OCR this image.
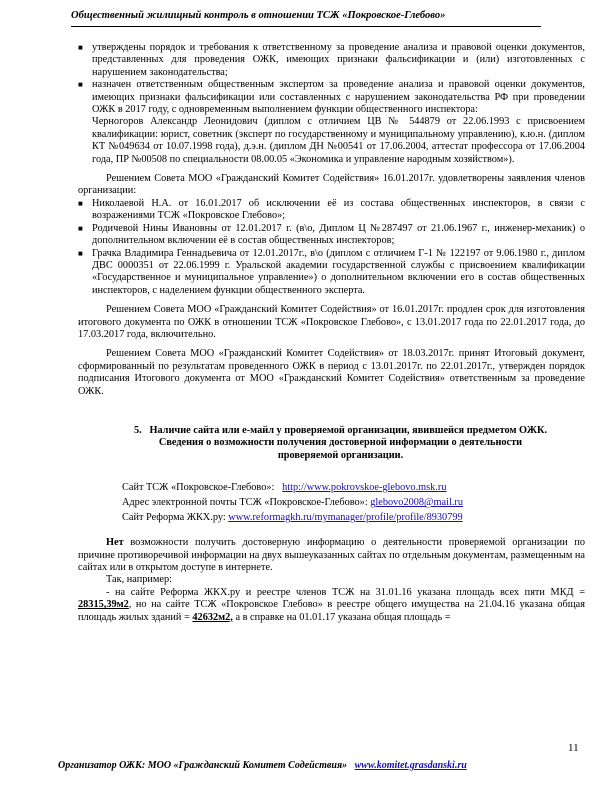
Общественный жилищный контроль в отношении ТСЖ «Покровское-Глебово»
■ утверждены порядок и требования к ответственному за проведение анализа и правовой оценки документов, представленных для проведения ОЖК, имеющих признаки фальсификации и (или) изготовленных с нарушением законодательства;
■ назначен ответственным общественным экспертом за проведение анализа и правовой оценки документов, имеющих признаки фальсификации или составленных с нарушением законодательства РФ при проведении ОЖК в 2017 году, с одновременным выполнением функции общественного инспектора:

Черногоров Александр Леонидович (диплом с отличием ЦВ № 544879 от 22.06.1993 с присвоением квалификации: юрист, советник (эксперт по государственному и муниципальному управлению), к.ю.н. (диплом КТ №049634 от 10.07.1998 года), д.э.н. (диплом ДН №00541 от 17.06.2004, аттестат профессора от 17.06.2004 года, ПР №00508 по специальности 08.00.05 «Экономика и управление народным хозяйством»).

Решением Совета МОО «Гражданский Комитет Содействия» 16.01.2017г. удовлетворены заявления членов организации:

■ Николаевой Н.А. от 16.01.2017 об исключении её из состава общественных инспекторов, в связи с возражениями ТСЖ «Покровское Глебово»;
■ Родичевой Нины Ивановны от 12.01.2017 г. (в\о, Диплом Ц №287497 от 21.06.1967 г., инженер-механик) о дополнительном включении её в состав общественных инспекторов;
■ Грачка Владимира Геннадьевича от 12.01.2017г., в\о (диплом с отличием Г-1 № 122197 от 9.06.1980 г., диплом ДВС 0000351 от 22.06.1999 г. Уральской академии государственной службы с присвоением квалификации «Государственное и муниципальное управление») о дополнительном включении его в состав общественных инспекторов, с наделением функции общественного эксперта.

Решением Совета МОО «Гражданский Комитет Содействия» от 16.01.2017г. продлен срок для изготовления итогового документа по ОЖК в отношении ТСЖ «Покровское Глебово», с 13.01.2017 года по 22.01.2017 года, до 17.03.2017 года, включительно.

Решением Совета МОО «Гражданский Комитет Содействия» от 18.03.2017г. принят Итоговый документ, сформированный по результатам проведенного ОЖК в период с 13.01.2017г. по 22.01.2017г., утвержден порядок подписания Итогового документа от МОО «Гражданский Комитет Содействия» ответственным за проведение ОЖК.

5. Наличие сайта или е-майл у проверяемой организации, явившейся предметом ОЖК.
Сведения о возможности получения достоверной информации о деятельности
проверяемой организации.
Сайт ТСЖ «Покровское-Глебово»: http://www.pokrovskoe-glebovo.msk.ru
Адрес электронной почты ТСЖ «Покровское-Глебово»: glebovo2008@mail.ru
Сайт Реформа ЖКХ.ру: www.reformagkh.ru/mymanager/profile/profile/8930799

Нет возможности получить достоверную информацию о деятельности проверяемой организации по причине противоречивой информации на двух вышеуказанных сайтах по отдельным документам, размещенным на сайтах или в открытом доступе в интернете.

Так, например:

- на сайте Реформа ЖКХ.ру и реестре членов ТСЖ на 31.01.16 указана площадь всех пяти МКД = 28315,39м2, но на сайте ТСЖ «Покровское Глебово» в реестре общего имущества на 21.04.16 указана общая площадь жилых зданий = 42632м2, а в справке на 01.01.17 указана общая площадь =

11
Организатор ОЖК: МОО «Гражданский Комитет Содействия» www.komitet.grasdanski.ru
